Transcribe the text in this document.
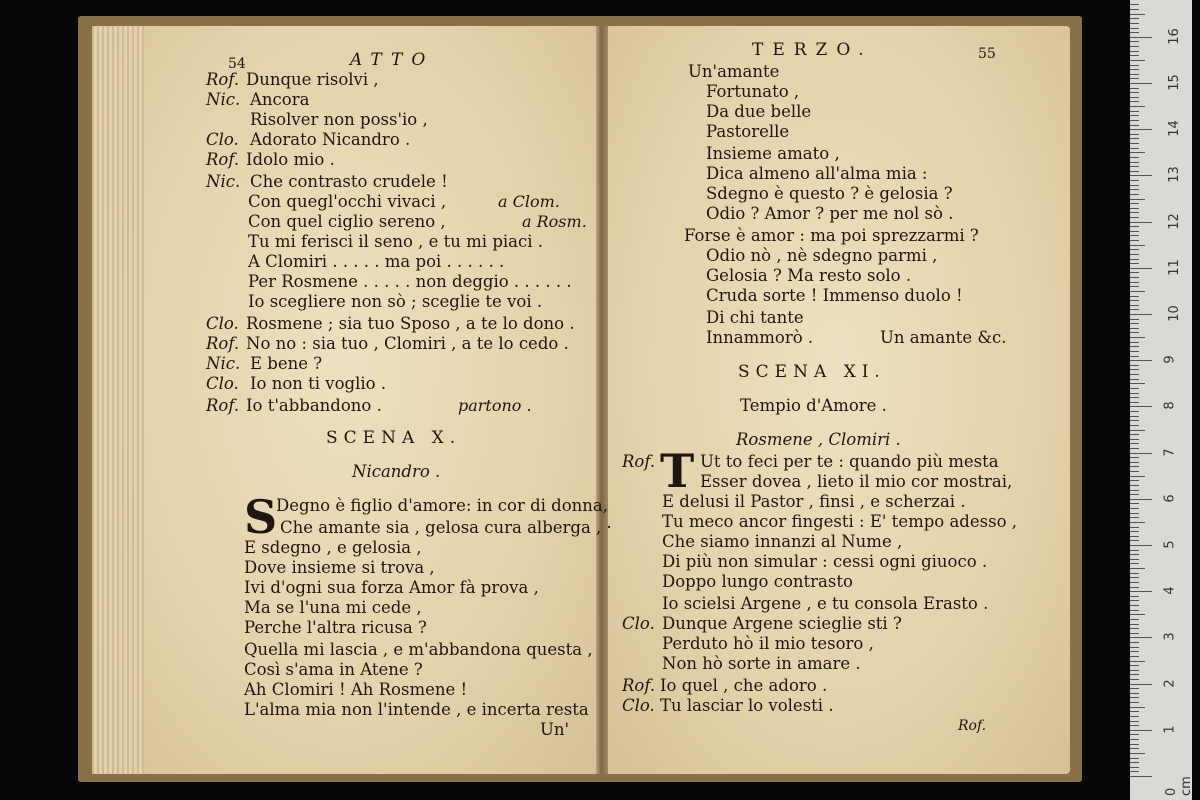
54	ATTO
Rof. Dunque risolvi ,
Nic. Ancora
Risolver non poss'io ,
Clo. Adorato Nicandro .
Rof. Idolo mio .
Nic. Che contrasto crudele !
Con quegl'occhi vivaci ,	a Clom.
Con quel ciglio sereno ,	a Rosm.
Tu mi ferisci il seno , e tu mi piaci .
A Clomiri . . . . . ma poi . . . . . .
Per Rosmene . . . . . non deggio . . . . . .
Io scegliere non sò ; sceglie te voi .
Clo. Rosmene ; sia tuo Sposo , a te lo dono .
Rof. No no : sia tuo , Clomiri , a te lo cedo .
Nic. E bene ?
Clo. Io non ti voglio .
Rof. Io t'abbandono .	partono .
SCENA X.
Nicandro .
S
Degno è figlio d'amore: in cor di donna,
Che amante sia , gelosa cura alberga , ·
E sdegno , e gelosia ,
Dove insieme si trova ,
Ivi d'ogni sua forza Amor fà prova ,
Ma se l'una mi cede ,
Perche l'altra ricusa ?
Quella mi lascia , e m'abbandona questa ,
Così s'ama in Atene ?
Ah Clomiri ! Ah Rosmene !
L'alma mia non l'intende , e incerta resta
Un'
TERZO.	55
Un'amante
Fortunato ,
Da due belle
Pastorelle
Insieme amato ,
Dica almeno all'alma mia :
Sdegno è questo ? è gelosia ?
Odio ? Amor ? per me nol sò .
Forse è amor : ma poi sprezzarmi ?
Odio nò , nè sdegno parmi ,
Gelosia ? Ma resto solo .
Cruda sorte ! Immenso duolo !
Di chi tante
Innammorò .	Un amante &c.
SCENA XI.
Tempio d'Amore .
Rosmene , Clomiri .
Rof. T Ut to feci per te : quando più mesta
Esser dovea , lieto il mio cor mostrai,
E delusi il Pastor , finsi , e scherzai .
Tu meco ancor fingesti : E' tempo adesso ,
Che siamo innanzi al Nume ,
Di più non simular : cessi ogni giuoco .
Doppo lungo contrasto
Io scielsi Argene , e tu consola Erasto .
Clo. Dunque Argene scieglie sti ?
Perduto hò il mio tesoro ,
Non hò sorte in amare .
Rof. Io quel , che adoro .
Clo. Tu lasciar lo volesti .
Rof.
0 cm
1
2
3
4
5
6
7
8
9
10
11
12
13
14
15
16
